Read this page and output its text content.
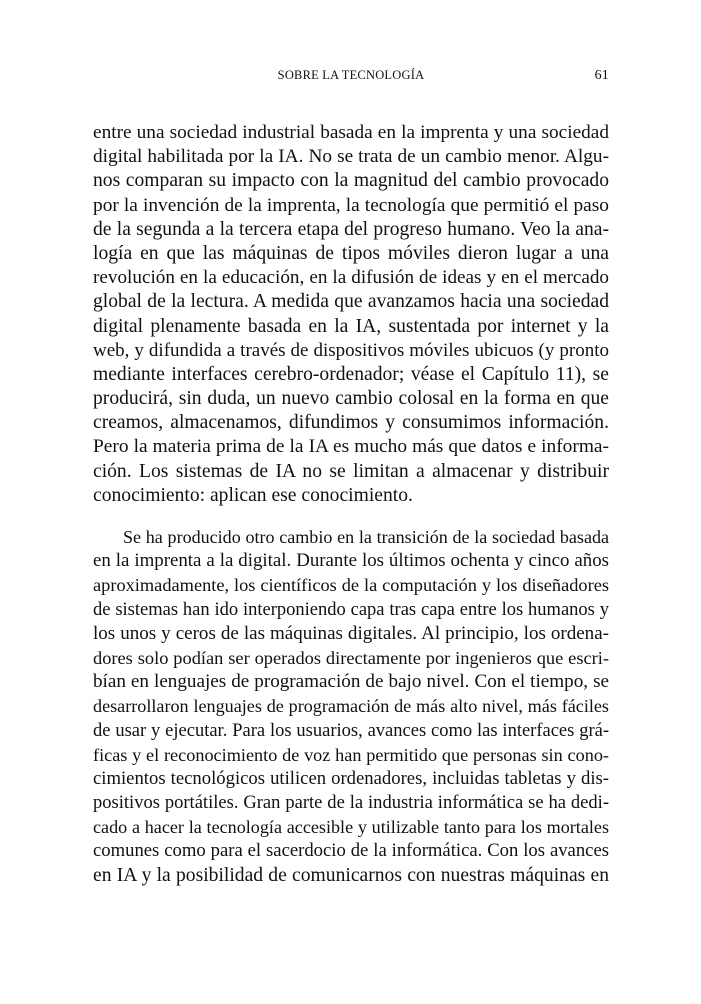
SOBRE LA TECNOLOGÍA	61
entre una sociedad industrial basada en la imprenta y una sociedad
digital habilitada por la IA. No se trata de un cambio menor. Algu-
nos comparan su impacto con la magnitud del cambio provocado
por la invención de la imprenta, la tecnología que permitió el paso
de la segunda a la tercera etapa del progreso humano. Veo la ana-
logía en que las máquinas de tipos móviles dieron lugar a una
revolución en la educación, en la difusión de ideas y en el mercado
global de la lectura. A medida que avanzamos hacia una sociedad
digital plenamente basada en la IA, sustentada por internet y la
web, y difundida a través de dispositivos móviles ubicuos (y pronto
mediante interfaces cerebro-ordenador; véase el Capítulo 11), se
producirá, sin duda, un nuevo cambio colosal en la forma en que
creamos, almacenamos, difundimos y consumimos información.
Pero la materia prima de la IA es mucho más que datos e informa-
ción. Los sistemas de IA no se limitan a almacenar y distribuir
conocimiento: aplican ese conocimiento.
Se ha producido otro cambio en la transición de la sociedad basada
en la imprenta a la digital. Durante los últimos ochenta y cinco años
aproximadamente, los científicos de la computación y los diseñadores
de sistemas han ido interponiendo capa tras capa entre los humanos y
los unos y ceros de las máquinas digitales. Al principio, los ordena-
dores solo podían ser operados directamente por ingenieros que escri-
bían en lenguajes de programación de bajo nivel. Con el tiempo, se
desarrollaron lenguajes de programación de más alto nivel, más fáciles
de usar y ejecutar. Para los usuarios, avances como las interfaces grá-
ficas y el reconocimiento de voz han permitido que personas sin cono-
cimientos tecnológicos utilicen ordenadores, incluidas tabletas y dis-
positivos portátiles. Gran parte de la industria informática se ha dedi-
cado a hacer la tecnología accesible y utilizable tanto para los mortales
comunes como para el sacerdocio de la informática. Con los avances
en IA y la posibilidad de comunicarnos con nuestras máquinas en
